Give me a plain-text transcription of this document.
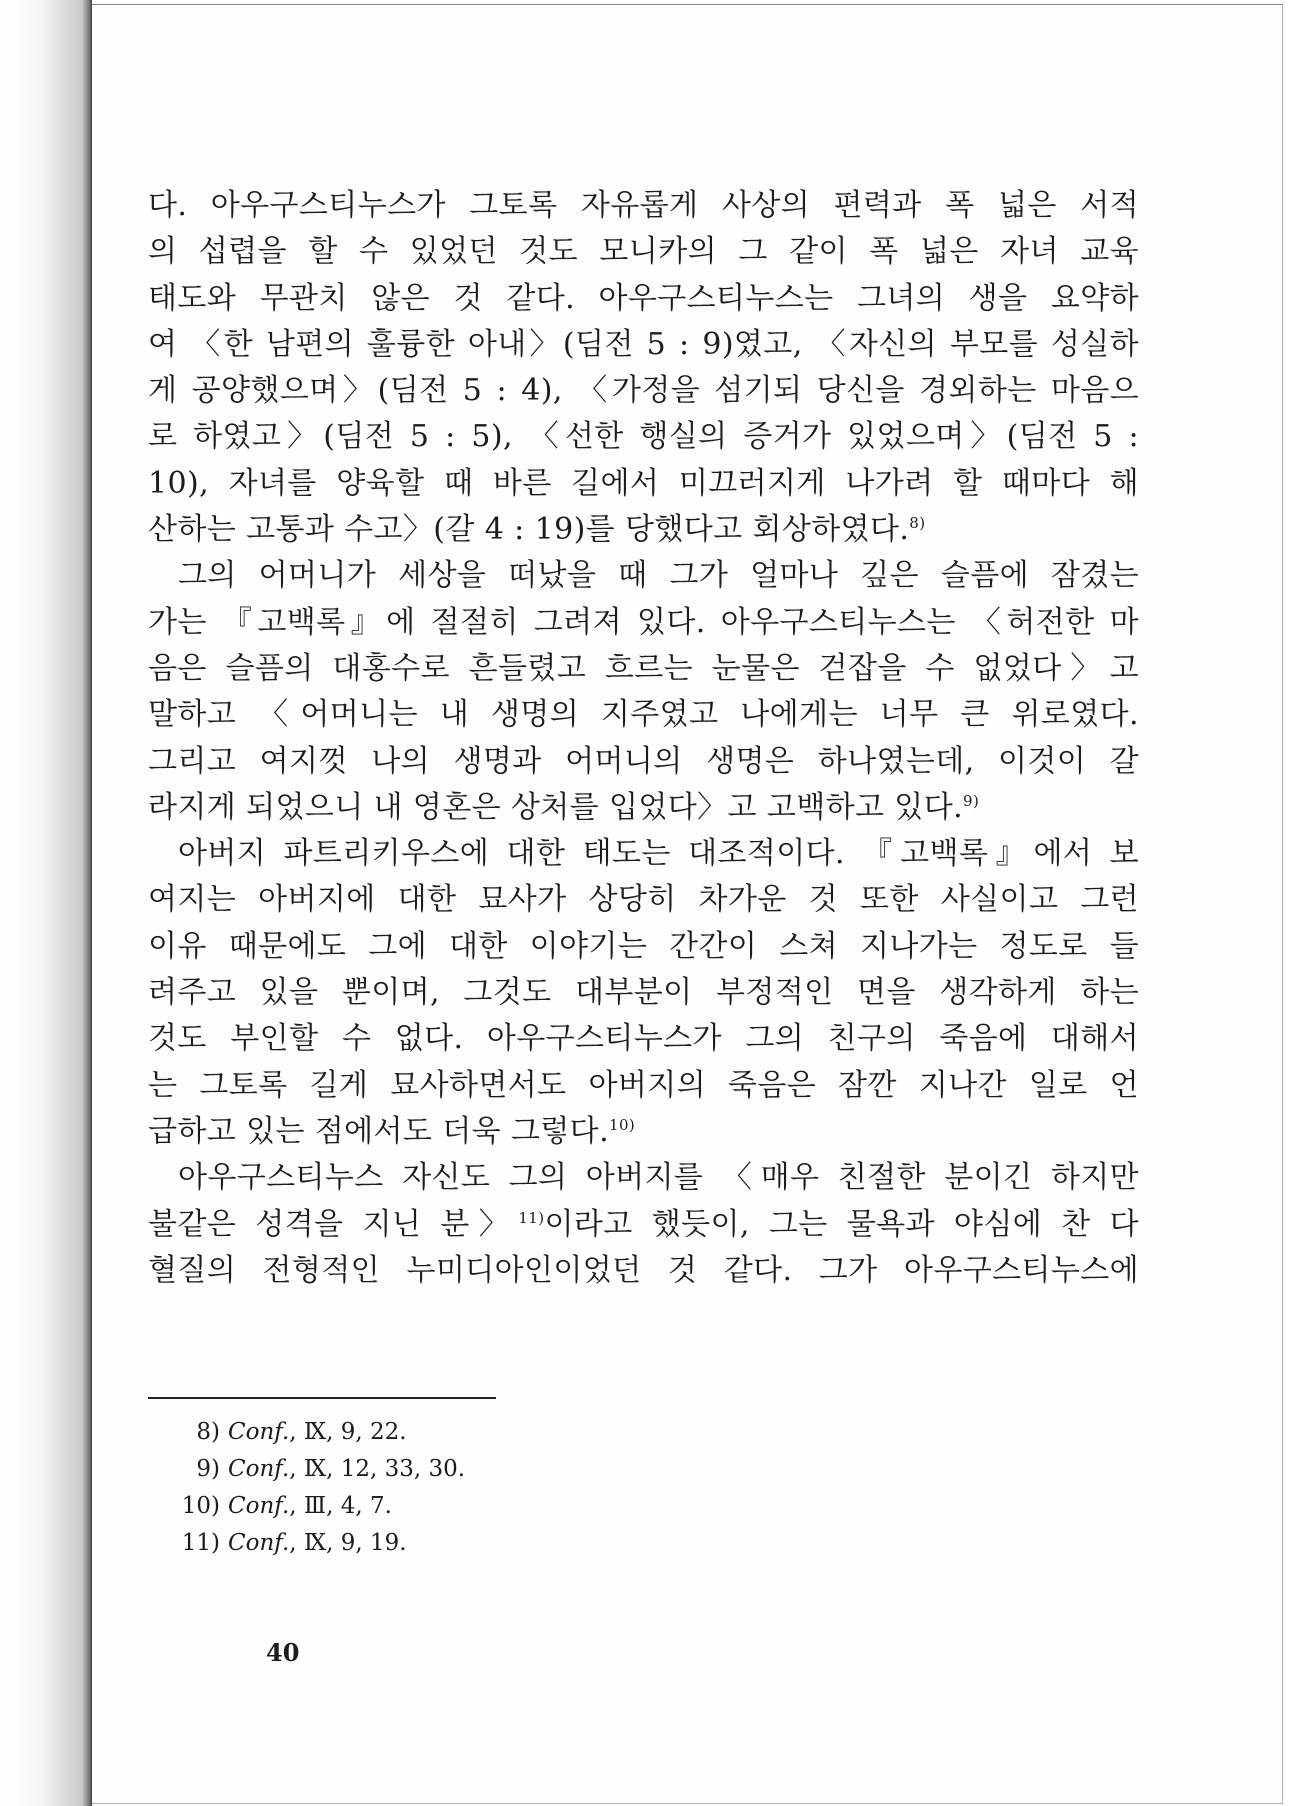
다. 아우구스티누스가 그토록 자유롭게 사상의 편력과 폭 넓은 서적

의 섭렵을 할 수 있었던 것도 모니카의 그 같이 폭 넓은 자녀 교육

태도와 무관치 않은 것 같다. 아우구스티누스는 그녀의 생을 요약하

여 〈한 남편의 훌륭한 아내〉(딤전 5 : 9)였고, 〈자신의 부모를 성실하

게 공양했으며〉(딤전 5 : 4), 〈가정을 섬기되 당신을 경외하는 마음으

로 하였고〉(딤전 5 : 5), 〈선한 행실의 증거가 있었으며〉(딤전 5 :

10), 자녀를 양육할 때 바른 길에서 미끄러지게 나가려 할 때마다 해

산하는 고통과 수고〉(갈 4 : 19)를 당했다고 회상하였다.$^{8)}$

그의 어머니가 세상을 떠났을 때 그가 얼마나 깊은 슬픔에 잠겼는

가는 『고백록』에 절절히 그려져 있다. 아우구스티누스는 〈허전한 마

음은 슬픔의 대홍수로 흔들렸고 흐르는 눈물은 걷잡을 수 없었다〉고

말하고 〈어머니는 내 생명의 지주였고 나에게는 너무 큰 위로였다.

그리고 여지껏 나의 생명과 어머니의 생명은 하나였는데, 이것이 갈

라지게 되었으니 내 영혼은 상처를 입었다〉고 고백하고 있다.$^{9)}$

아버지 파트리키우스에 대한 태도는 대조적이다. 『고백록』에서 보

여지는 아버지에 대한 묘사가 상당히 차가운 것 또한 사실이고 그런

이유 때문에도 그에 대한 이야기는 간간이 스쳐 지나가는 정도로 들

려주고 있을 뿐이며, 그것도 대부분이 부정적인 면을 생각하게 하는

것도 부인할 수 없다. 아우구스티누스가 그의 친구의 죽음에 대해서

는 그토록 길게 묘사하면서도 아버지의 죽음은 잠깐 지나간 일로 언

급하고 있는 점에서도 더욱 그렇다.$^{10)}$

아우구스티누스 자신도 그의 아버지를 〈매우 친절한 분이긴 하지만

불같은 성격을 지닌 분〉$^{11)}$이라고 했듯이, 그는 물욕과 야심에 찬 다

혈질의 전형적인 누미디아인이었던 것 같다. 그가 아우구스티누스에

8) Conf., Ⅸ, 9, 22.
9) Conf., Ⅸ, 12, 33, 30.
10) Conf., Ⅲ, 4, 7.
11) Conf., Ⅸ, 9, 19.
40
